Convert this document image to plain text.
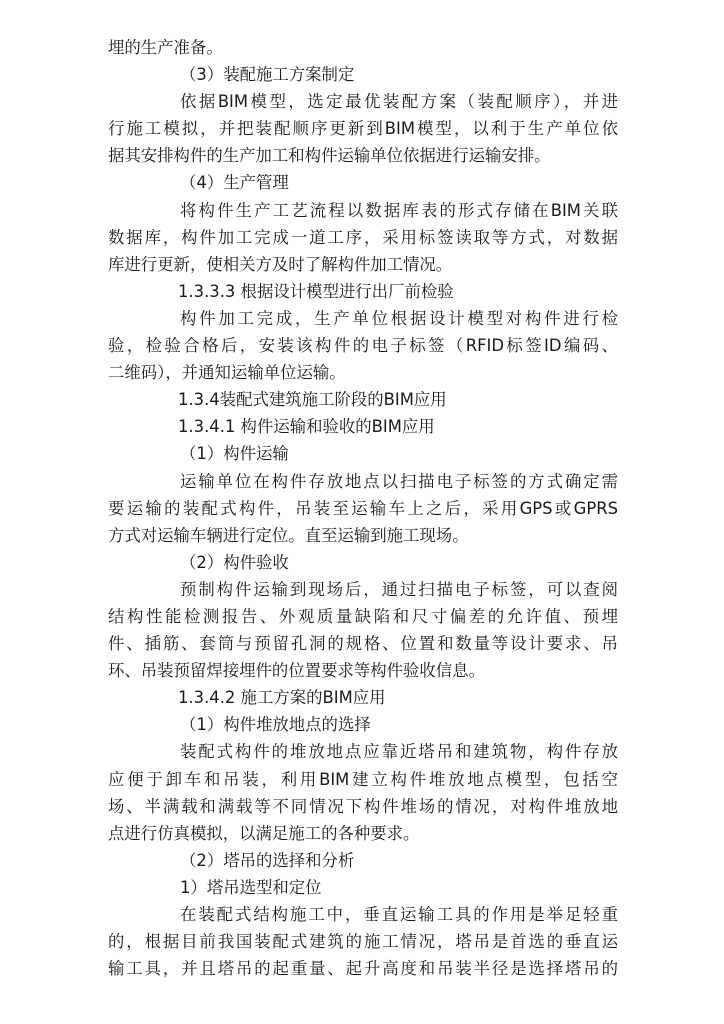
埋的生产准备。
（3）装配施工方案制定
依据BIM模型，选定最优装配方案（装配顺序），并进
行施工模拟，并把装配顺序更新到BIM模型，以利于生产单位依
据其安排构件的生产加工和构件运输单位依据进行运输安排。
（4）生产管理
将构件生产工艺流程以数据库表的形式存储在BIM关联
数据库，构件加工完成一道工序，采用标签读取等方式，对数据
库进行更新，使相关方及时了解构件加工情况。
1.3.3.3 根据设计模型进行出厂前检验
构件加工完成，生产单位根据设计模型对构件进行检
验，检验合格后，安装该构件的电子标签（RFID标签ID编码、
二维码），并通知运输单位运输。
1.3.4装配式建筑施工阶段的BIM应用
1.3.4.1 构件运输和验收的BIM应用
（1）构件运输
运输单位在构件存放地点以扫描电子标签的方式确定需
要运输的装配式构件，吊装至运输车上之后，采用GPS或GPRS
方式对运输车辆进行定位。直至运输到施工现场。
（2）构件验收
预制构件运输到现场后，通过扫描电子标签，可以查阅
结构性能检测报告、外观质量缺陷和尺寸偏差的允许值、预埋
件、插筋、套筒与预留孔洞的规格、位置和数量等设计要求、吊
环、吊装预留焊接埋件的位置要求等构件验收信息。
1.3.4.2 施工方案的BIM应用
（1）构件堆放地点的选择
装配式构件的堆放地点应靠近塔吊和建筑物，构件存放
应便于卸车和吊装，利用BIM建立构件堆放地点模型，包括空
场、半满载和满载等不同情况下构件堆场的情况，对构件堆放地
点进行仿真模拟，以满足施工的各种要求。
（2）塔吊的选择和分析
1）塔吊选型和定位
在装配式结构施工中，垂直运输工具的作用是举足轻重
的，根据目前我国装配式建筑的施工情况，塔吊是首选的垂直运
输工具，并且塔吊的起重量、起升高度和吊装半径是选择塔吊的
